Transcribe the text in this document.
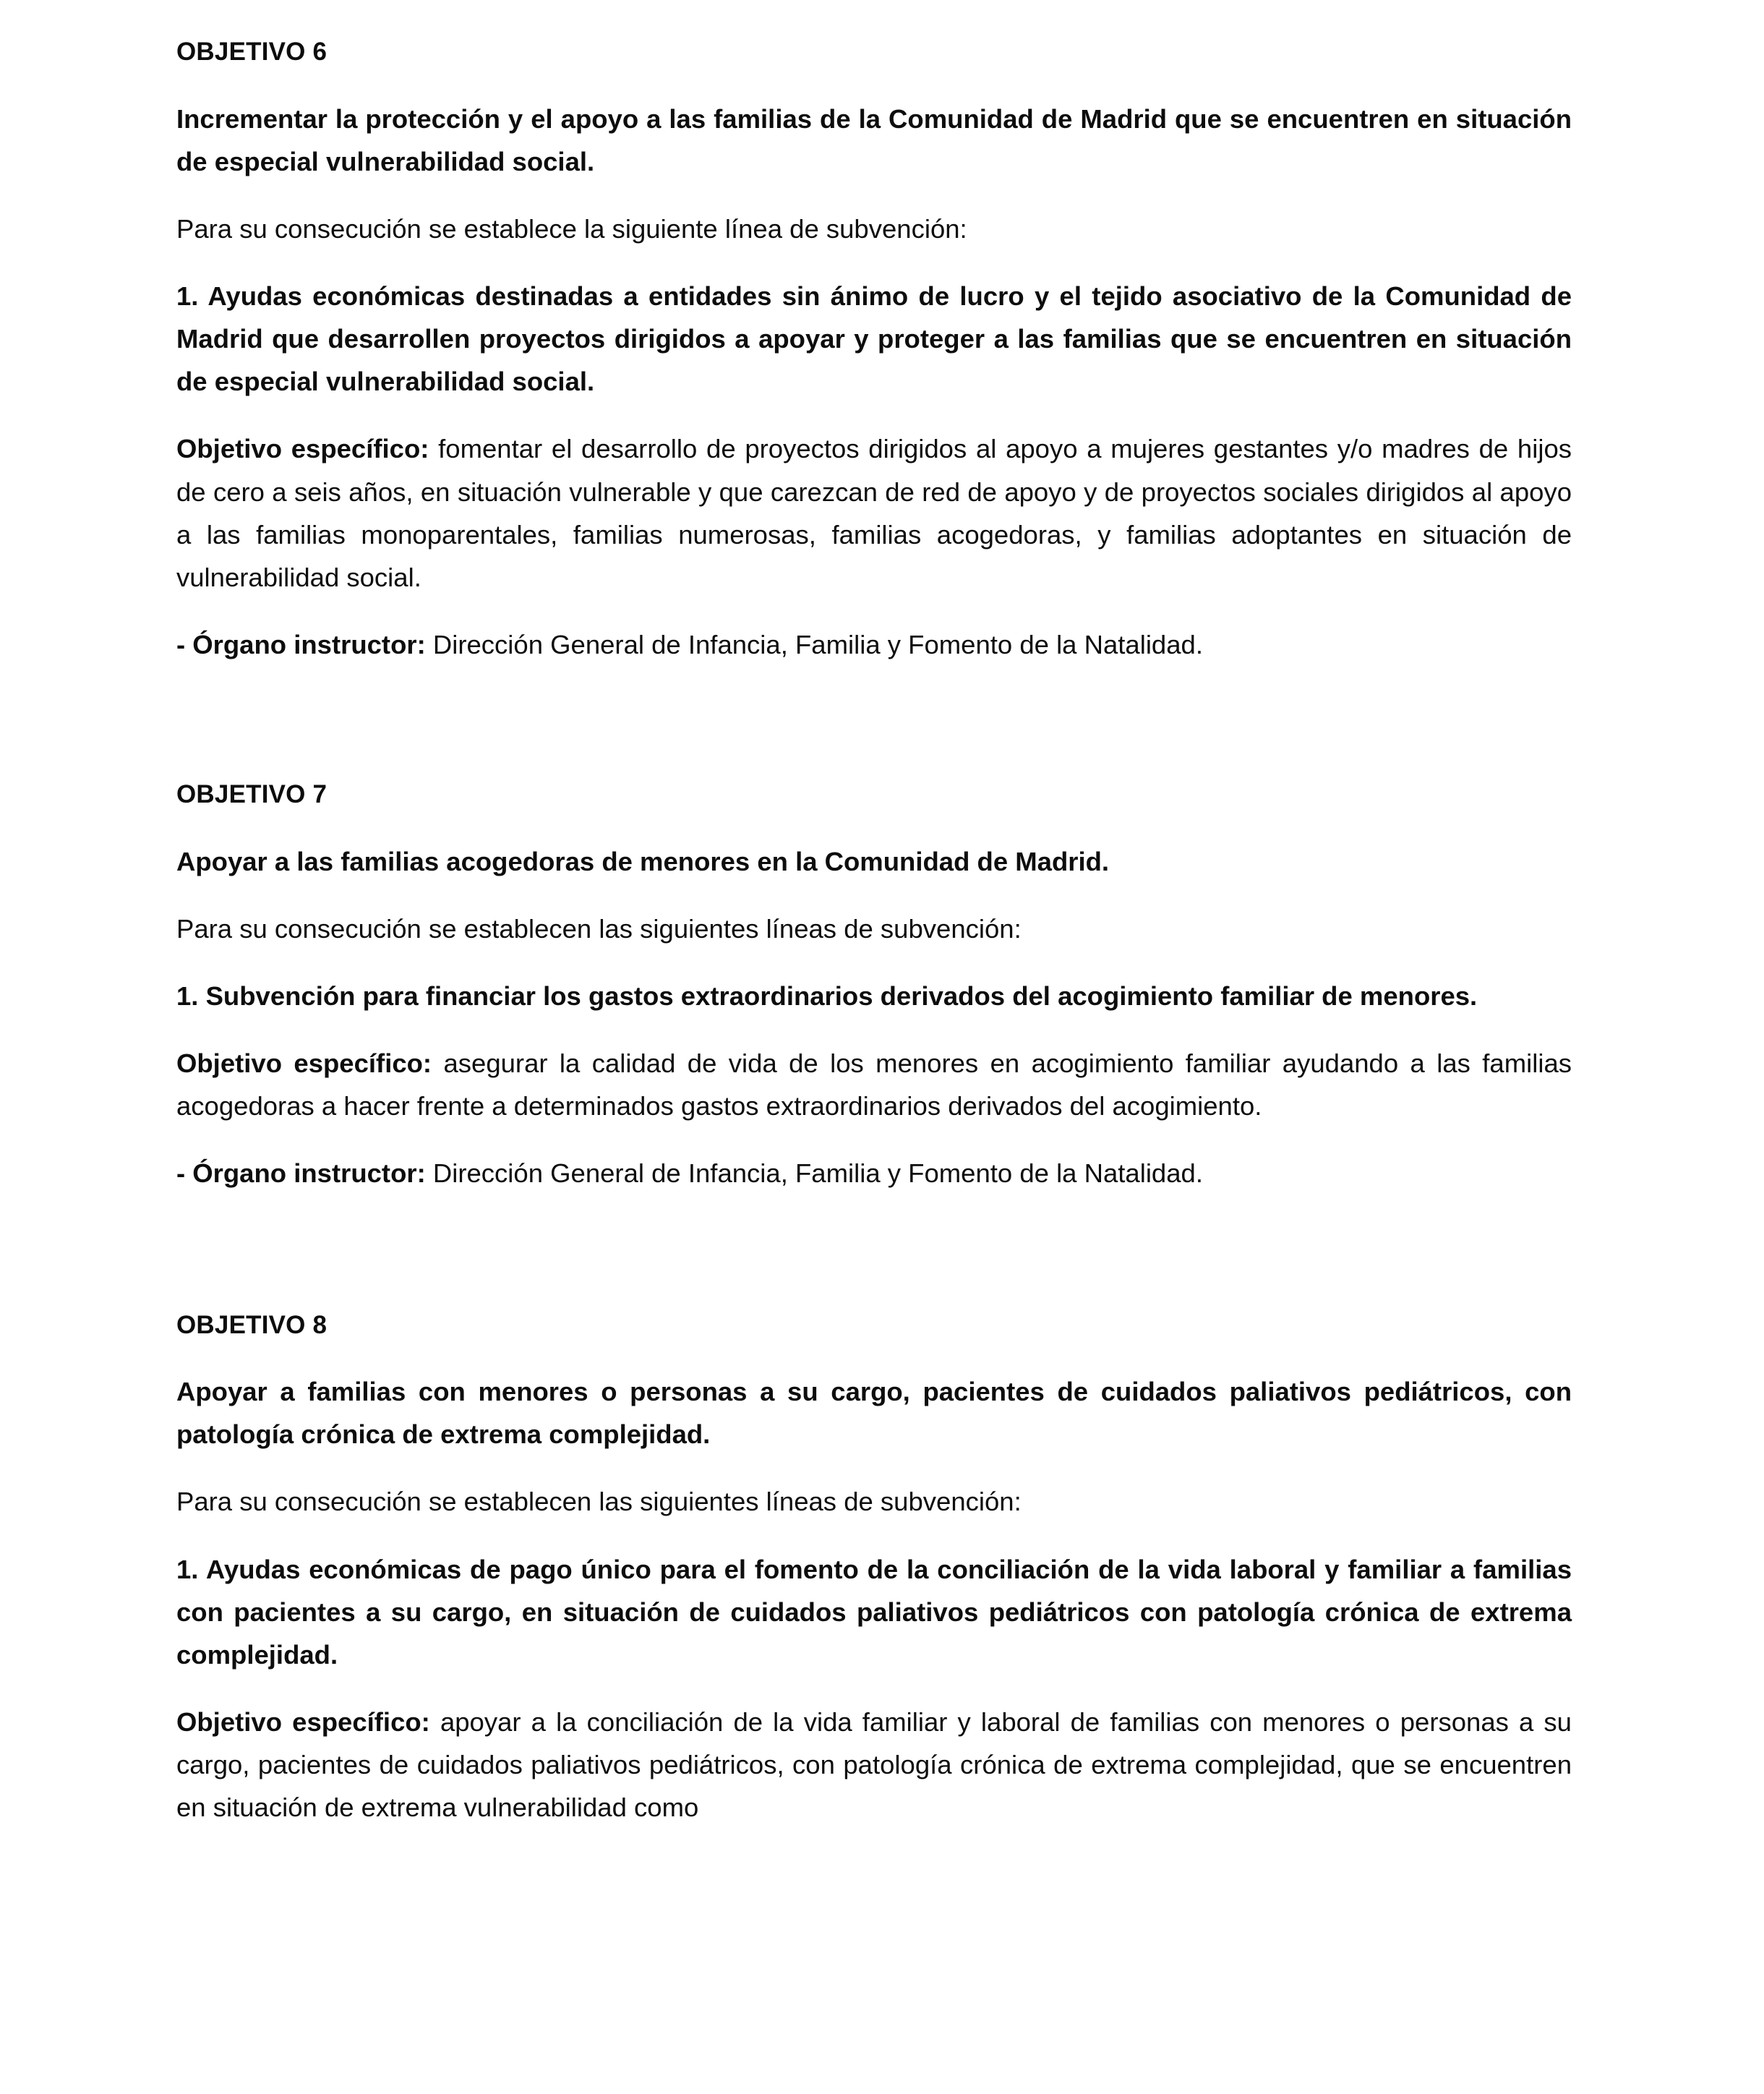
OBJETIVO 6

Incrementar la protección y el apoyo a las familias de la Comunidad de Madrid que se encuentren en situación de especial vulnerabilidad social.

Para su consecución se establece la siguiente línea de subvención:

1. Ayudas económicas destinadas a entidades sin ánimo de lucro y el tejido asociativo de la Comunidad de Madrid que desarrollen proyectos dirigidos a apoyar y proteger a las familias que se encuentren en situación de especial vulnerabilidad social.

Objetivo específico: fomentar el desarrollo de proyectos dirigidos al apoyo a mujeres gestantes y/o madres de hijos de cero a seis años, en situación vulnerable y que carezcan de red de apoyo y de proyectos sociales dirigidos al apoyo a las familias monoparentales, familias numerosas, familias acogedoras, y familias adoptantes en situación de vulnerabilidad social.

- Órgano instructor: Dirección General de Infancia, Familia y Fomento de la Natalidad.

OBJETIVO 7

Apoyar a las familias acogedoras de menores en la Comunidad de Madrid.

Para su consecución se establecen las siguientes líneas de subvención:

1. Subvención para financiar los gastos extraordinarios derivados del acogimiento familiar de menores.

Objetivo específico: asegurar la calidad de vida de los menores en acogimiento familiar ayudando a las familias acogedoras a hacer frente a determinados gastos extraordinarios derivados del acogimiento.

- Órgano instructor: Dirección General de Infancia, Familia y Fomento de la Natalidad.

OBJETIVO 8

Apoyar a familias con menores o personas a su cargo, pacientes de cuidados paliativos pediátricos, con patología crónica de extrema complejidad.

Para su consecución se establecen las siguientes líneas de subvención:

1. Ayudas económicas de pago único para el fomento de la conciliación de la vida laboral y familiar a familias con pacientes a su cargo, en situación de cuidados paliativos pediátricos con patología crónica de extrema complejidad.

Objetivo específico: apoyar a la conciliación de la vida familiar y laboral de familias con menores o personas a su cargo, pacientes de cuidados paliativos pediátricos, con patología crónica de extrema complejidad, que se encuentren en situación de extrema vulnerabilidad como
